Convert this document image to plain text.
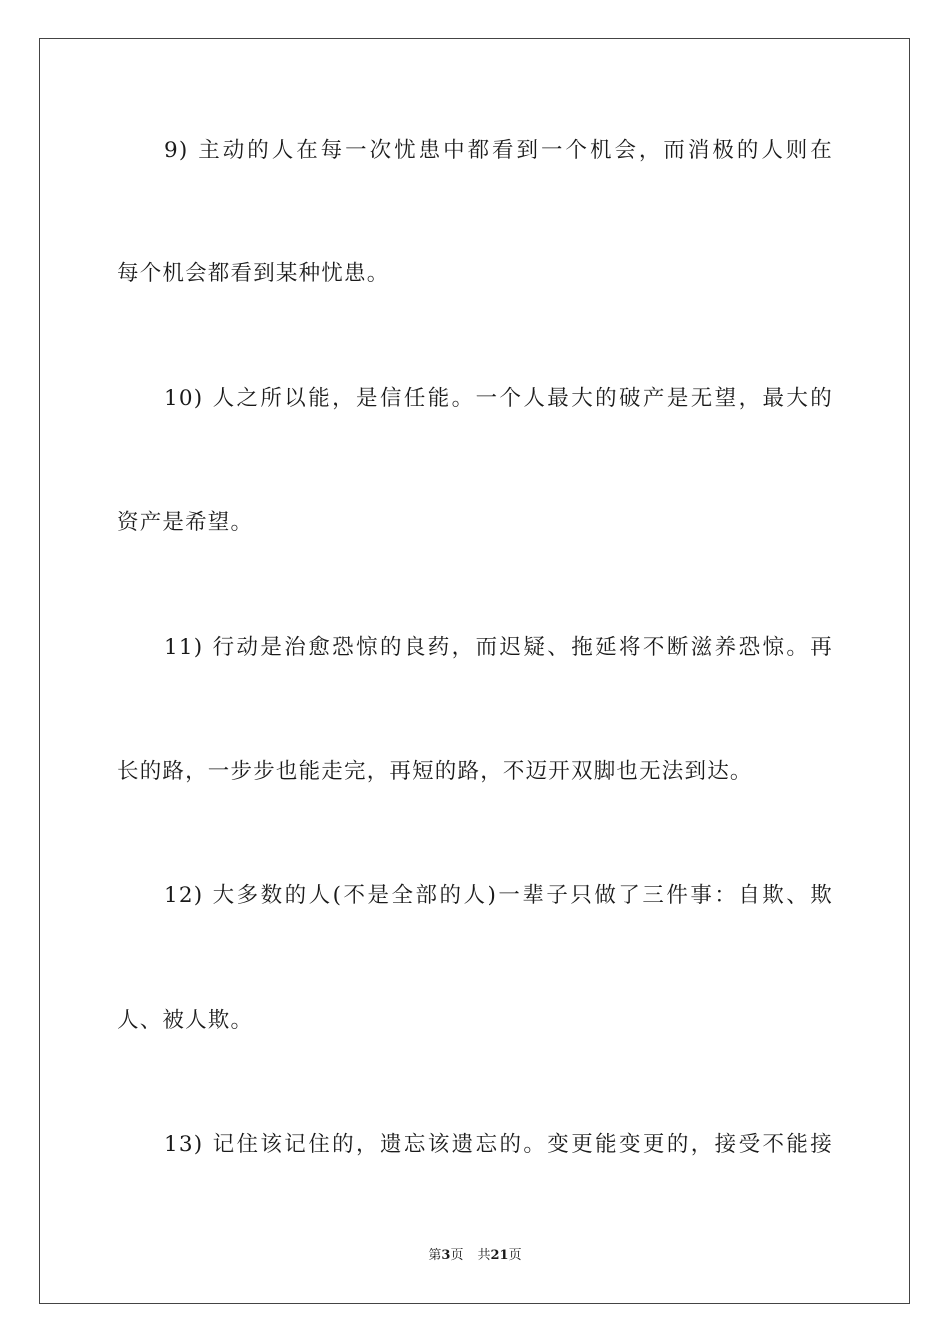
9) 主动的人在每一次忧患中都看到一个机会，而消极的人则在
每个机会都看到某种忧患。
10) 人之所以能，是信任能。一个人最大的破产是无望，最大的
资产是希望。
11) 行动是治愈恐惊的良药，而迟疑、拖延将不断滋养恐惊。再
长的路，一步步也能走完，再短的路，不迈开双脚也无法到达。
12) 大多数的人(不是全部的人)一辈子只做了三件事：自欺、欺
人、被人欺。
13) 记住该记住的，遗忘该遗忘的。变更能变更的，接受不能接
第3页 共21页
